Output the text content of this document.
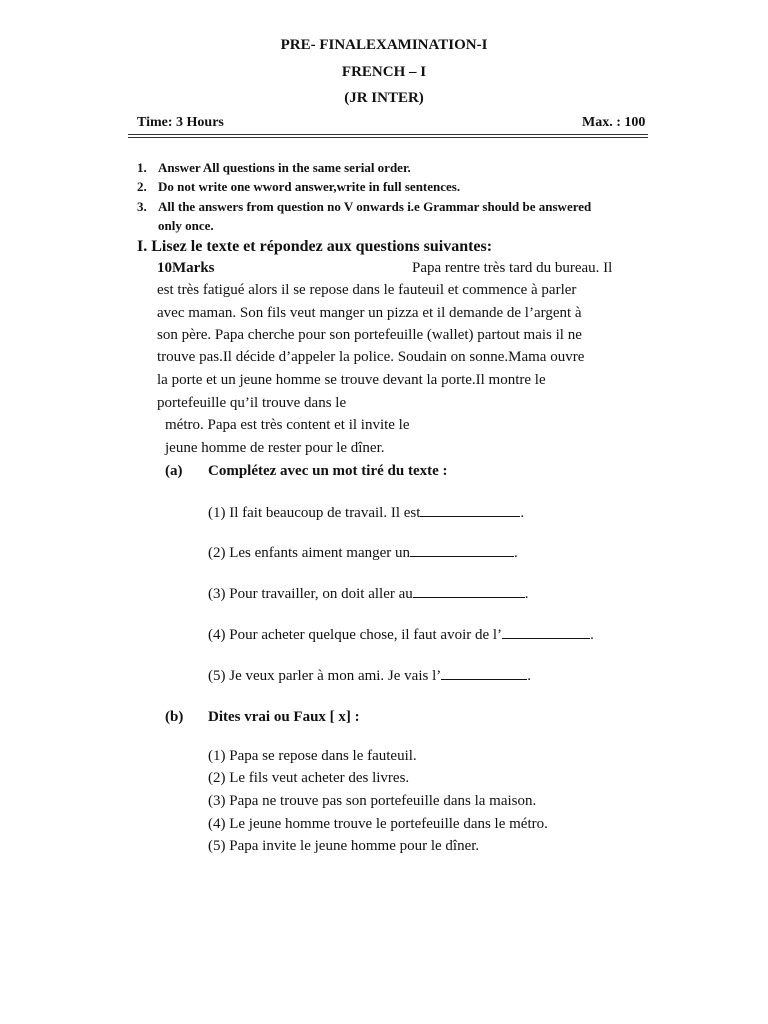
PRE- FINALEXAMINATION-I
FRENCH – I
(JR INTER)
Time: 3 Hours	Max. : 100
1. Answer All questions in the same serial order.
2. Do not write one wword answer,write in full sentences.
3. All the answers from question no V onwards i.e Grammar should be answered
only once.
I. Lisez le texte et répondez aux questions suivantes:
10Marks	Papa rentre très tard du bureau. Il
est très fatigué alors il se repose dans le fauteuil et commence à parler
avec maman. Son fils veut manger un pizza et il demande de l’argent à
son père. Papa cherche pour son portefeuille (wallet) partout mais il ne
trouve pas.Il décide d’appeler la police. Soudain on sonne.Mama ouvre
la porte et un jeune homme se trouve devant la porte.Il montre le
portefeuille qu’il trouve dans le
métro. Papa est très content et il invite le
jeune homme de rester pour le dîner.
(a) Complétez avec un mot tiré du texte :
(1) Il fait beaucoup de travail. Il est	.
(2) Les enfants aiment manger un	.
(3) Pour travailler, on doit aller au	.
(4) Pour acheter quelque chose, il faut avoir de l’	.
(5) Je veux parler à mon ami. Je vais l’	.
(b) Dites vrai ou Faux [ x] :
(1) Papa se repose dans le fauteuil.
(2) Le fils veut acheter des livres.
(3) Papa ne trouve pas son portefeuille dans la maison.
(4) Le jeune homme trouve le portefeuille dans le métro.
(5) Papa invite le jeune homme pour le dîner.
